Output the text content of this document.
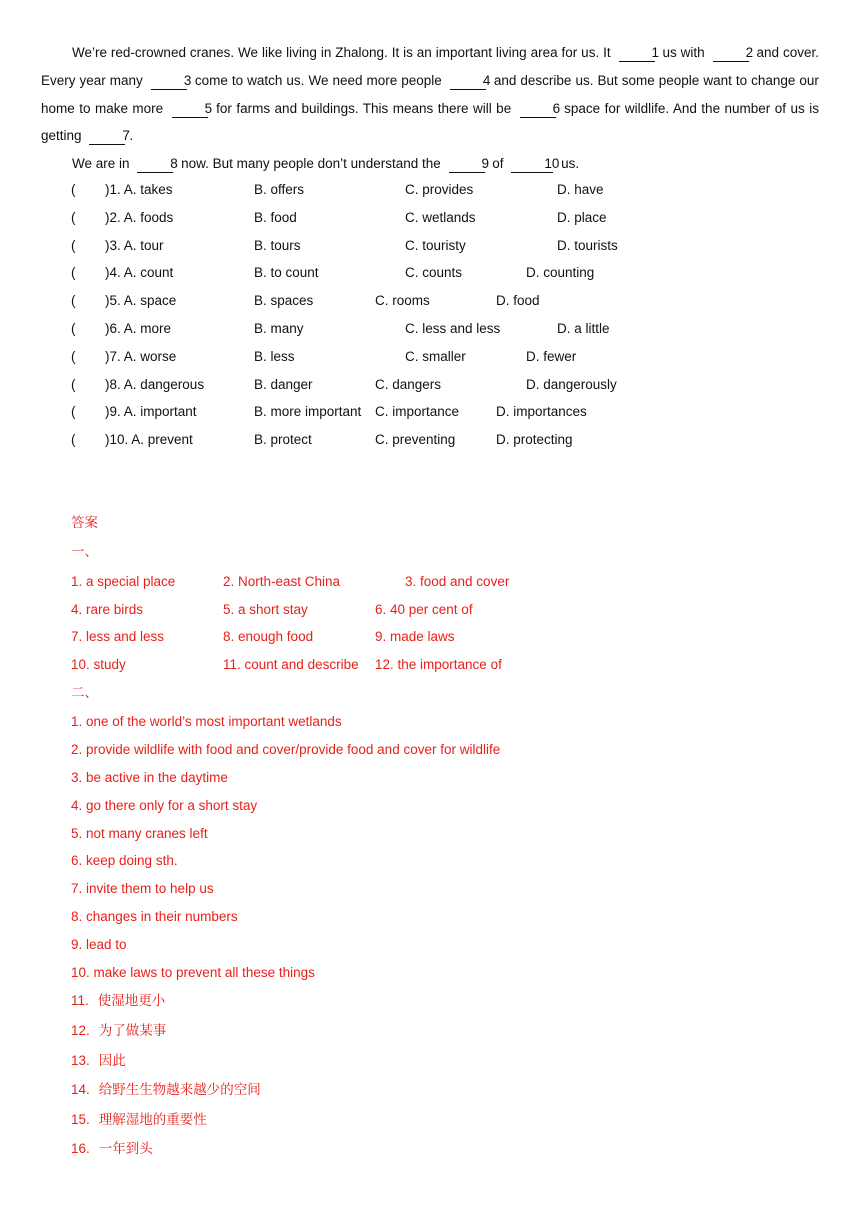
We’re red-crowned cranes. We like living in Zhalong. It is an important living area for us. It	1 us with	2 and cover. Every year many	3 come to watch us. We need more people	4 and describe us. But some people want to change our home to make more	5 for farms and buildings. This means there will be	6 space for wildlife. And the number of us is getting	7.

We are in	8 now. But many people don’t understand the	9 of	10 us.

( )1. A. takes	B. offers	C. provides	D. have
( )2. A. foods	B. food	C. wetlands	D. place
( )3. A. tour	B. tours	C. touristy	D. tourists
( )4. A. count	B. to count	C. counts	D. counting
( )5. A. space	B. spaces	C. rooms	D. food
( )6. A. more	B. many	C. less and less	D. a little
( )7. A. worse	B. less	C. smaller	D. fewer
( )8. A. dangerous	B. danger	C. dangers	D. dangerously
( )9. A. important	B. more important C. importance	D. importances
( )10. A. prevent	B. protect	C. preventing	D. protecting
答案
一、
1. a special place	2. North-east China	3. food and cover
4. rare birds	5. a short stay	6. 40 per cent of
7. less and less	8. enough food	9. made laws
10. study	11. count and describe 12. the importance of
二、
1. one of the world’s most important wetlands
2. provide wildlife with food and cover/provide food and cover for wildlife
3. be active in the daytime
4. go there only for a short stay
5. not many cranes left
6. keep doing sth.
7. invite them to help us
8. changes in their numbers
9. lead to
10. make laws to prevent all these things
11. 使湿地更小
12. 为了做某事
13. 因此
14. 给野生生物越来越少的空间
15. 理解湿地的重要性
16. 一年到头
